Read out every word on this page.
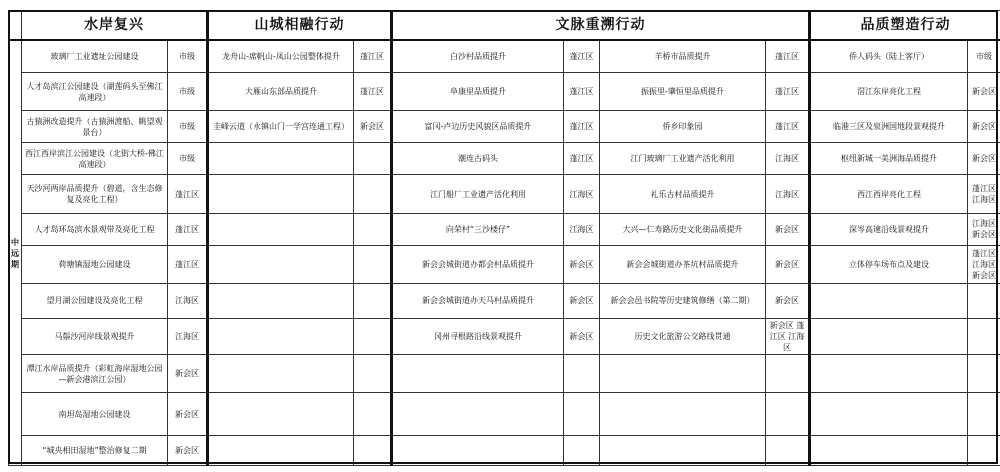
	水岸复兴		山城相融行动		文脉重溯行动				品质塑造行动	

中
远
期	玻璃厂工业遗址公园建设	市级	龙舟山-席帆山-凤山公园整体提升	蓬江区	白沙村品质提升	蓬江区	羊桥市品质提升	蓬江区	侨人码头（陆上客厅）	市级
	人才岛滨江公园建设（湖莲码头至佛江高速段）	市级	大雁山东部品质提升	蓬江区	阜康里品质提升	蓬江区	振振里-肇恒里品质提升	蓬江区	滘江东岸亮化工程	新会区
	古猿洲改造提升（古猿洲渡船、眺望观景台）	市级	圭峰云道（永镇山门一学宫连通工程）	新会区	富冈-卢边历史风貌区品质提升	蓬江区	侨乡印象园	蓬江区	临港三区及泉洲国地段景观提升	新会区
	西江西岸滨江公园建设（北街大桥-佛江高速段）	市级			潮连古码头	蓬江区	江门玻璃厂工业遗产活化利用	江海区	枢纽新城一美洲海品质提升	新会区
	天沙河两岸品质提升（碧道，含生态修复及亮化工程）	蓬江区			江门船厂工业遗产活化利用	江海区	礼乐古村品质提升	江海区	西江西岸亮化工程	蓬江区 江海区
	人才岛环岛滨水景观带及亮化工程	蓬江区			向荣村“三沙楼仔”	江海区	大兴—仁寿路历史文化街品质提升	新会区	深岑高速沿线景观提升	江海区 新会区
	荷塘镇湿地公园建设	蓬江区			新会会城街道办都会村品质提升	新会区	新会会城街道办茶坑村品质提升	新会区	立体停车场布点及建设	蓬江区 江海区 新会区
	望月湖公园建设及亮化工程	江海区			新会会城街道办天马村品质提升	新会区	新会会邑书院等历史建筑修缮（第二期）	新会区		
	马鬃沙河岸线景观提升	江海区			冈州寻根路沿线景观提升	新会区	历史文化旅游公交路线贯通	新会区 蓬江区 江海区		
	潭江水岸品质提升（彩虹海岸湿地公园—新会港滨江公园）	新会区								
	南坦岛湿地公园建设	新会区								
	“城央相田湿地”整治修复二期	新会区								
